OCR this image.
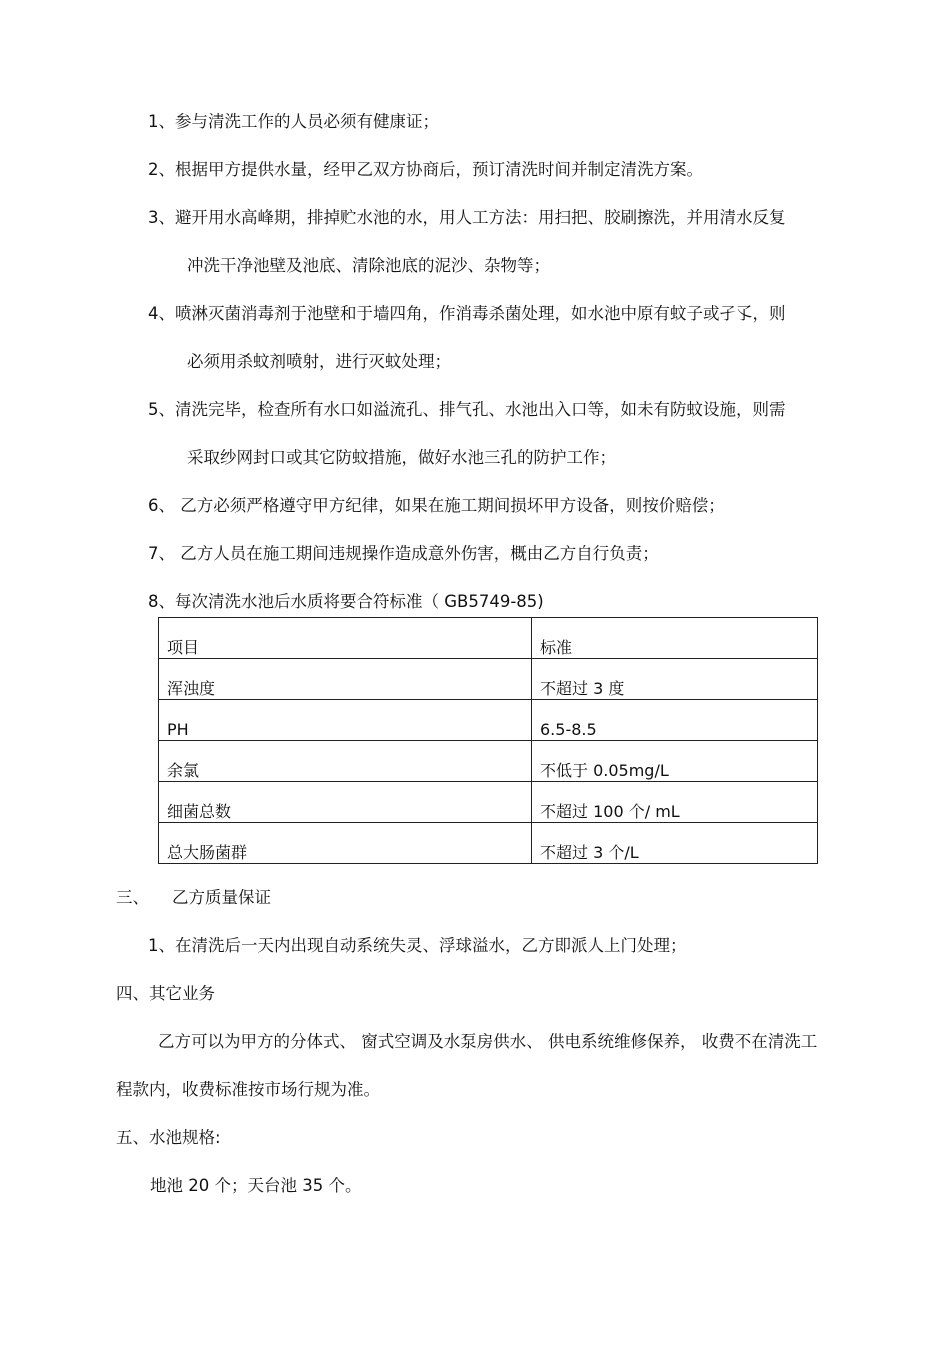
1、参与清洗工作的人员必须有健康证；
2、根据甲方提供水量，经甲乙双方协商后，预订清洗时间并制定清洗方案。
3、避开用水高峰期，排掉贮水池的水，用人工方法：用扫把、胶刷擦洗，并用清水反复
冲洗干净池壁及池底、清除池底的泥沙、杂物等；
4、喷淋灭菌消毒剂于池壁和于墙四角，作消毒杀菌处理，如水池中原有蚊子或孑孓，则
必须用杀蚊剂喷射，进行灭蚊处理；
5、清洗完毕，检查所有水口如溢流孔、排气孔、水池出入口等，如未有防蚊设施，则需
采取纱网封口或其它防蚊措施，做好水池三孔的防护工作；
6、 乙方必须严格遵守甲方纪律，如果在施工期间损坏甲方设备，则按价赔偿；
7、 乙方人员在施工期间违规操作造成意外伤害，概由乙方自行负责；
8、每次清洗水池后水质将要合符标准（ GB5749-85)
项目	标准
浑浊度	不超过 3 度
PH	6.5-8.5
余氯	不低于 0.05mg/L
细菌总数	不超过 100 个/ mL
总大肠菌群	不超过 3 个/L
三、 乙方质量保证
1、在清洗后一天内出现自动系统失灵、浮球溢水，乙方即派人上门处理；
四、其它业务
乙方可以为甲方的分体式、 窗式空调及水泵房供水、 供电系统维修保养， 收费不在清洗工
程款内，收费标准按市场行规为准。
五、水池规格:
地池 20 个；天台池 35 个。
